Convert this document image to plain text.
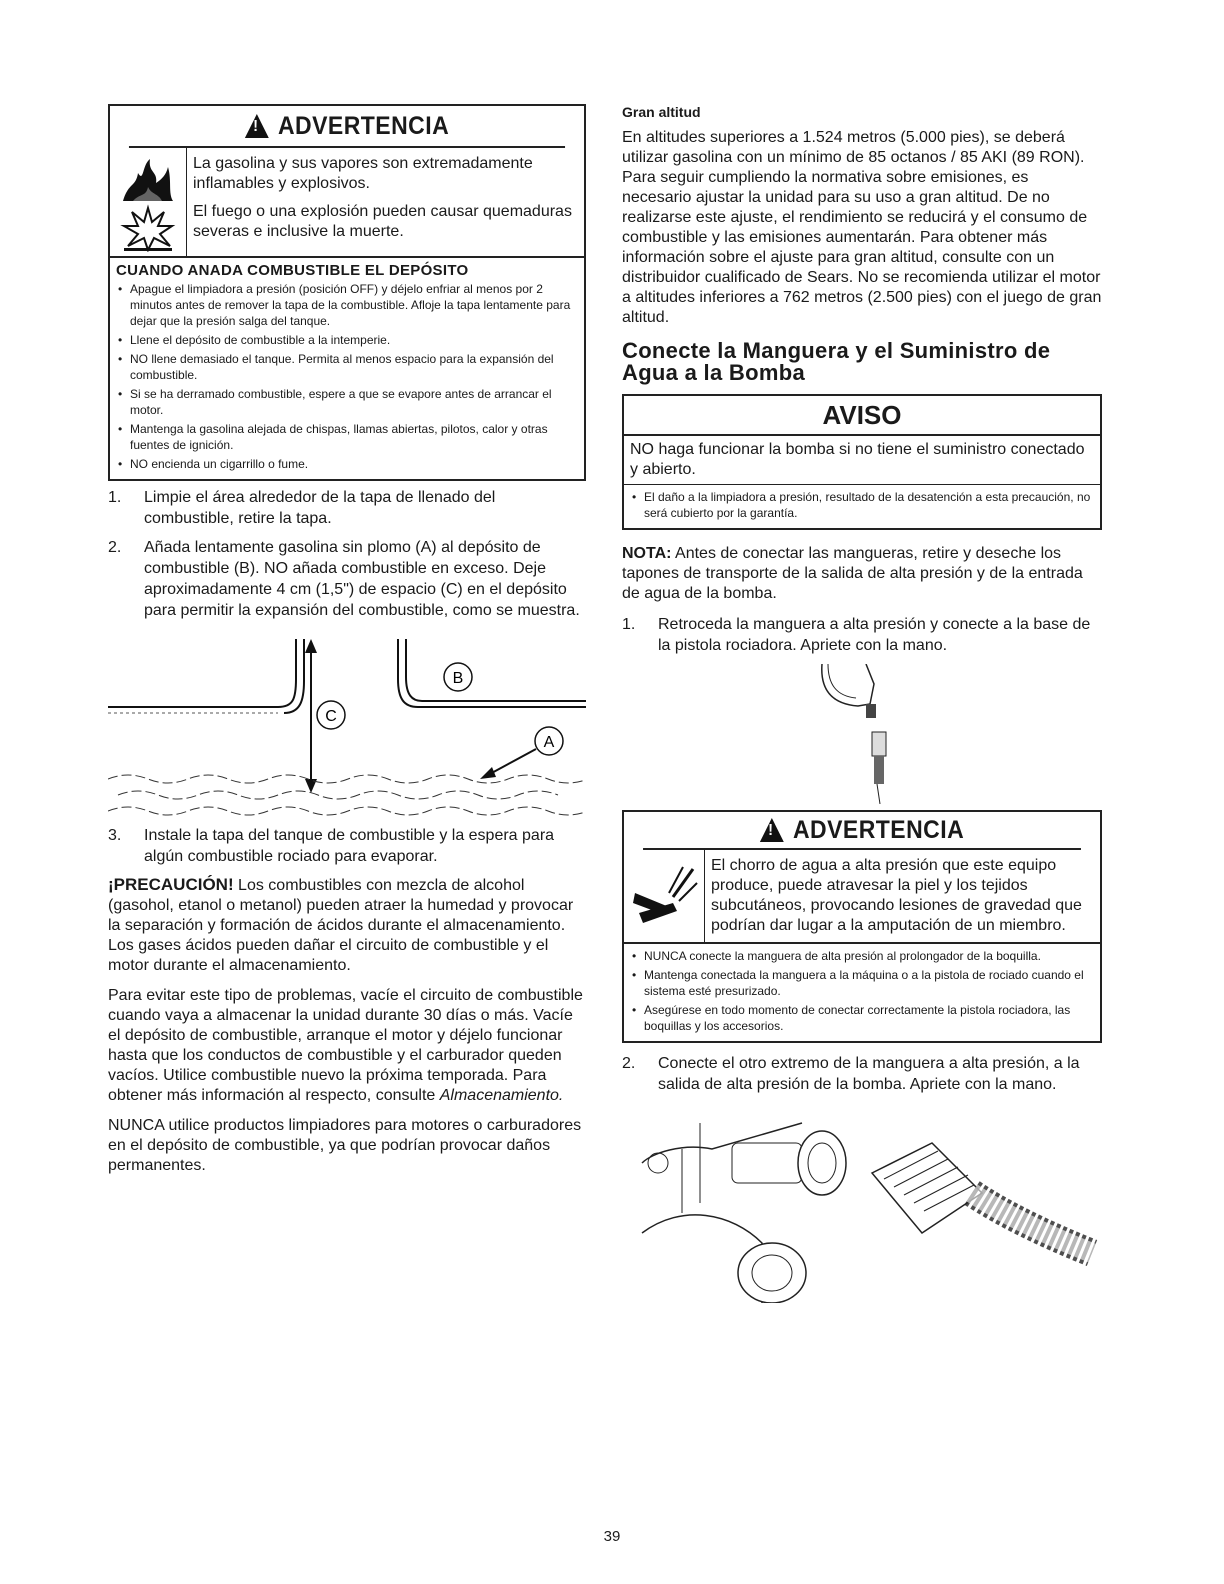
! ADVERTENCIA

La gasolina y sus vapores son extremadamente inflamables y explosivos.

El fuego o una explosión pueden causar quemaduras severas e inclusive la muerte.

CUANDO ANADA COMBUSTIBLE EL DEPÓSITO
• Apague el limpiadora a presión (posición OFF) y déjelo enfriar al menos por 2 minutos antes de remover la tapa de la combustible. Afloje la tapa lentamente para dejar que la presión salga del tanque.
• Llene el depósito de combustible a la intemperie.
• NO llene demasiado el tanque. Permita al menos espacio para la expansión del combustible.
• Si se ha derramado combustible, espere a que se evapore antes de arrancar el motor.
• Mantenga la gasolina alejada de chispas, llamas abiertas, pilotos, calor y otras fuentes de ignición.
• NO encienda un cigarrillo o fume.
1.	Limpie el área alrededor de la tapa de llenado del combustible, retire la tapa.
2.	Añada lentamente gasolina sin plomo (A) al depósito de combustible (B). NO añada combustible en exceso. Deje aproximadamente 4 cm (1,5") de espacio (C) en el depósito para permitir la expansión del combustible, como se muestra.
C
B
A
3.	Instale la tapa del tanque de combustible y la espera para algún combustible rociado para evaporar.

¡PRECAUCIÓN! Los combustibles con mezcla de alcohol (gasohol, etanol o metanol) pueden atraer la humedad y provocar la separación y formación de ácidos durante el almacenamiento. Los gases ácidos pueden dañar el circuito de combustible y el motor durante el almacenamiento.

Para evitar este tipo de problemas, vacíe el circuito de combustible cuando vaya a almacenar la unidad durante 30 días o más. Vacíe el depósito de combustible, arranque el motor y déjelo funcionar hasta que los conductos de combustible y el carburador queden vacíos. Utilice combustible nuevo la próxima temporada. Para obtener más información al respecto, consulte Almacenamiento.

NUNCA utilice productos limpiadores para motores o carburadores en el depósito de combustible, ya que podrían provocar daños permanentes.

Gran altitud

En altitudes superiores a 1.524 metros (5.000 pies), se deberá utilizar gasolina con un mínimo de 85 octanos / 85 AKI (89 RON). Para seguir cumpliendo la normativa sobre emisiones, es necesario ajustar la unidad para su uso a gran altitud. De no realizarse este ajuste, el rendimiento se reducirá y el consumo de combustible y las emisiones aumentarán. Para obtener más información sobre el ajuste para gran altitud, consulte con un distribuidor cualificado de Sears. No se recomienda utilizar el motor a altitudes inferiores a 762 metros (2.500 pies) con el juego de gran altitud.

Conecte la Manguera y el Suministro de Agua a la Bomba
AVISO
NO haga funcionar la bomba si no tiene el suministro conectado y abierto.
• El daño a la limpiadora a presión, resultado de la desatención a esta precaución, no será cubierto por la garantía.

NOTA: Antes de conectar las mangueras, retire y deseche los tapones de transporte de la salida de alta presión y de la entrada de agua de la bomba.

1.	Retroceda la manguera a alta presión y conecte a la base de la pistola rociadora. Apriete con la mano.
! ADVERTENCIA

El chorro de agua a alta presión que este equipo produce, puede atravesar la piel y los tejidos subcutáneos, provocando lesiones de gravedad que podrían dar lugar a la amputación de un miembro.

• NUNCA conecte la manguera de alta presión al prolongador de la boquilla.
• Mantenga conectada la manguera a la máquina o a la pistola de rociado cuando el sistema esté presurizado.
• Asegúrese en todo momento de conectar correctamente la pistola rociadora, las boquillas y los accesorios.
2.	Conecte el otro extremo de la manguera a alta presión, a la salida de alta presión de la bomba. Apriete con la mano.
39
